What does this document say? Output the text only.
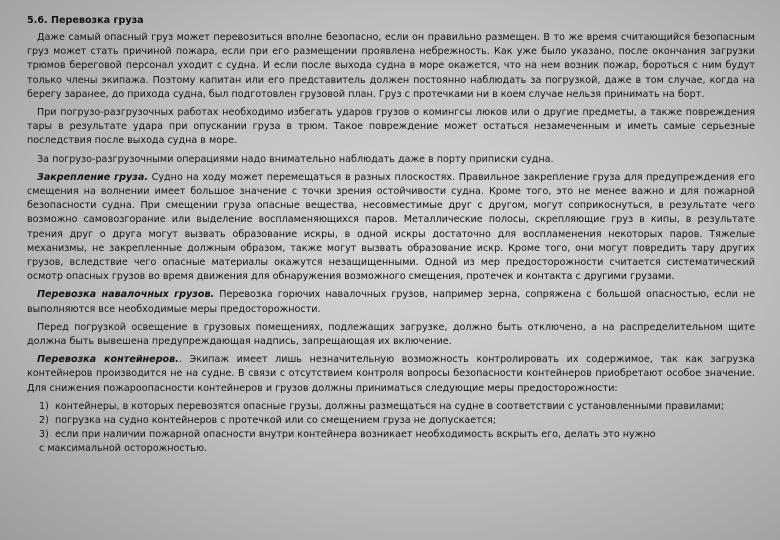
5.6. Перевозка груза

Даже самый опасный груз может перевозиться вполне безопасно, если он правильно размещен. В то же время считающийся безопасным груз может стать причиной пожара, если при его размещении проявлена небрежность. Как уже было указано, после окончания загрузки трюмов береговой персонал уходит с судна. И если после выхода судна в море окажется, что на нем возник пожар, бороться с ним будут только члены экипажа. Поэтому капитан или его представитель должен постоянно наблюдать за погрузкой, даже в том случае, когда на берегу заранее, до прихода судна, был подготовлен грузовой план. Груз с протечками ни в коем случае нельзя принимать на борт.

При погрузо-разгрузочных работах необходимо избегать ударов грузов о комингсы люков или о другие предметы, а также повреждения тары в результате удара при опускании груза в трюм. Такое повреждение может остаться незамеченным и иметь самые серьезные последствия после выхода судна в море.

За погрузо-разгрузочными операциями надо внимательно наблюдать даже в порту приписки судна.

Закрепление груза. Судно на ходу может перемещаться в разных плоскостях. Правильное закрепление груза для предупреждения его смещения на волнении имеет большое значение с точки зрения остойчивости судна. Кроме того, это не менее важно и для пожарной безопасности судна. При смещении груза опасные вещества, несовместимые друг с другом, могут соприкоснуться, в результате чего возможно самовозгорание или выделение воспламеняющихся паров. Металлические полосы, скрепляющие груз в кипы, в результате трения друг о друга могут вызвать образование искры, в одной искры достаточно для воспламенения некоторых паров. Тяжелые механизмы, не закрепленные должным образом, также могут вызвать образование искр. Кроме того, они могут повредить тару других грузов, вследствие чего опасные материалы окажутся незащищенными. Одной из мер предосторожности считается систематический осмотр опасных грузов во время движения для обнаружения возможного смещения, протечек и контакта с другими грузами.

Перевозка навалочных грузов. Перевозка горючих навалочных грузов, например зерна, сопряжена с большой опасностью, если не выполняются все необходимые меры предосторожности.

Перед погрузкой освещение в грузовых помещениях, подлежащих загрузке, должно быть отключено, а на распределительном щите должна быть вывешена предупреждающая надпись, запрещающая их включение.

Перевозка контейнеров.. Экипаж имеет лишь незначительную возможность контролировать их содержимое, так как загрузка контейнеров производится не на судне. В связи с отсутствием контроля вопросы безопасности контейнеров приобретают особое значение. Для снижения пожароопасности контейнеров и грузов должны приниматься следующие меры предосторожности:

1) контейнеры, в которых перевозятся опасные грузы, должны размещаться на судне в соответствии с установленными правилами;
2) погрузка на судно контейнеров с протечкой или со смещением груза не допускается;
3) если при наличии пожарной опасности внутри контейнера возникает необходимость вскрыть его, делать это нужно
с максимальной осторожностью.
